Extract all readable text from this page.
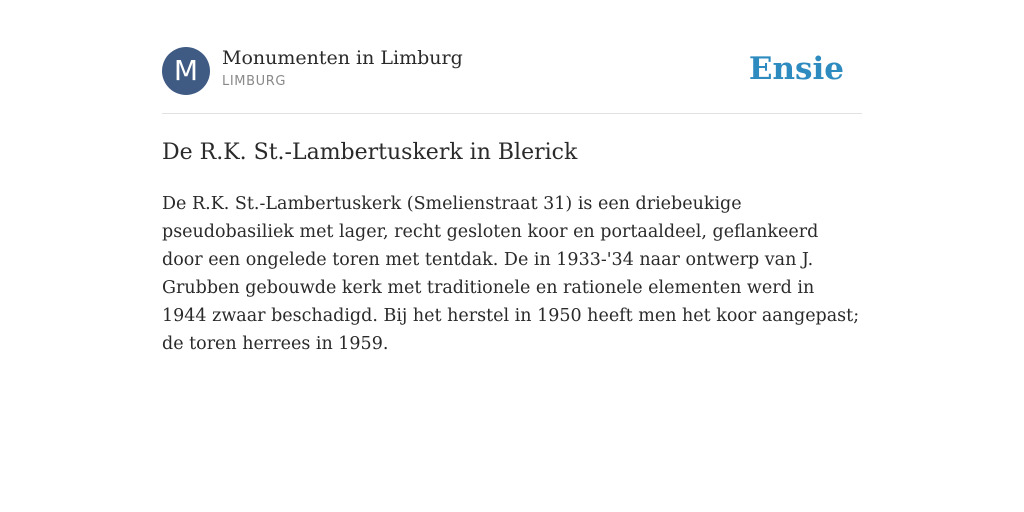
M	Monumenten in Limburg
LIMBURG	Ensie
De R.K. St.-Lambertuskerk in Blerick

De R.K. St.-Lambertuskerk (Smelienstraat 31) is een driebeukige pseudobasiliek met lager, recht gesloten koor en portaaldeel, geflankeerd door een ongelede toren met tentdak. De in 1933-'34 naar ontwerp van J. Grubben gebouwde kerk met traditionele en rationele elementen werd in 1944 zwaar beschadigd. Bij het herstel in 1950 heeft men het koor aangepast; de toren herrees in 1959.
